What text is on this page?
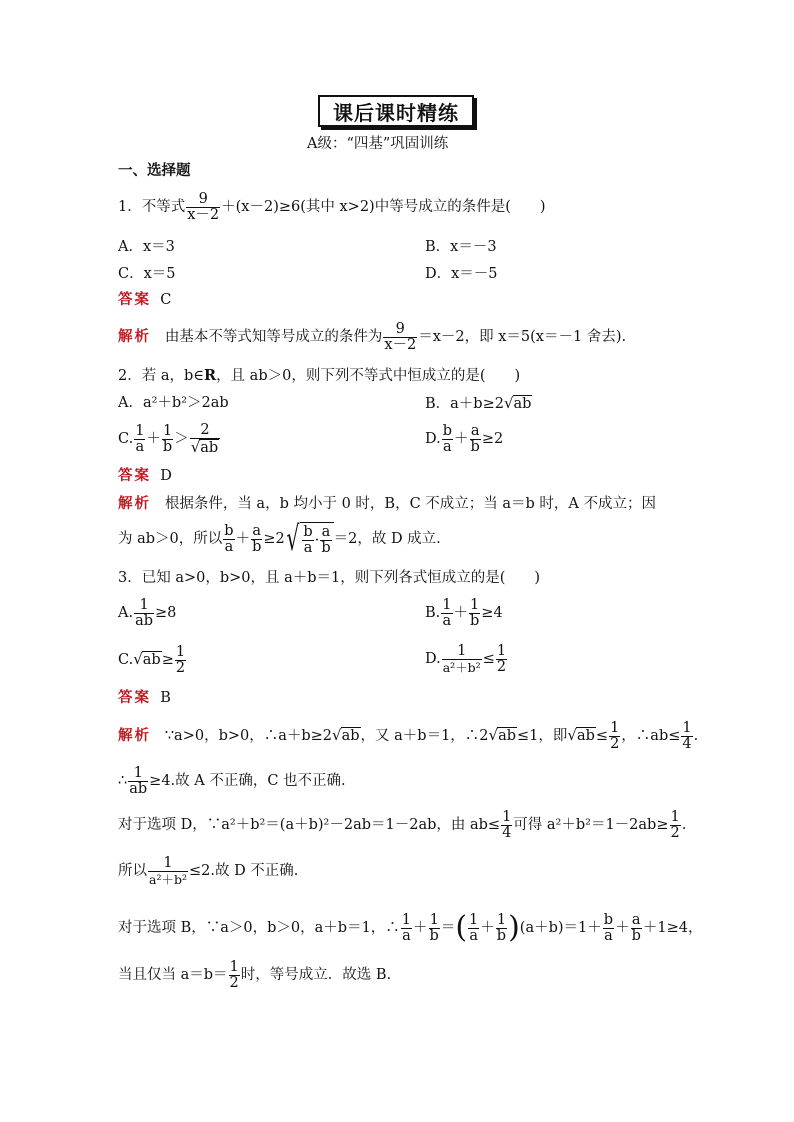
课后课时精练
A级：“四基”巩固训练
一、选择题
1．不等式 $\frac{9}{x-2} +(x-2)\ge 6$(其中 x>2)中等号成立的条件是(　　)
A．x＝3	B．x＝－3
C．x＝5	D．x＝－5
答案 C
解析 由基本不等式知等号成立的条件为 $\frac{9}{x-2} =x-2$，即 x＝5(x＝－1 舍去).
2．若 a，b∈R，且 ab＞0，则下列不等式中恒成立的是(　　)
A．a²＋b²＞2ab	B．a＋b≥2√ab
C. $\frac{1}{a} + \frac{1}{b} > \frac{2}{√ab}$	D. $\frac{b}{a} + \frac{a}{b} \ge 2$
答案 D
解析 根据条件，当 a，b 均小于 0 时，B，C 不成立；当 a＝b 时，A 不成立；因
为 ab＞0，所以 $\frac{b}{a} + \frac{a}{b} \ge 2√ \frac{b}{a} \cdot \frac{a}{b} =2$，故 D 成立.
3．已知 a>0，b>0，且 a＋b＝1，则下列各式恒成立的是(　　)
A. $\frac{1}{ab} \ge 8$	B. $\frac{1}{a} + \frac{1}{b} \ge 4$
$C.√ab\ge \frac{1}{2}$	D. $\frac{1}{\text{a²＋b²}} \le \frac{1}{2}$
答案 B
解析 ∵a>0，b>0，∴a＋b≥2√ab，又 a＋b＝1，∴2√ab≤1，即$√ab\le \frac{1}{2}$ ，∴ab≤ $\frac{1}{4}$ .
∴ $\frac{1}{ab} \ge 4$.故 A 不正确，C 也不正确.
对于选项 D，∵a²＋b²＝(a＋b)²－2ab＝1－2ab，由 $ab\le \frac{1}{4}$ 可得 $a^2+b^2=1-2ab\ge \frac{1}{2}$ .
所以 $\frac{1}{\text{a²＋b²}} \le 2$.故 D 不正确.
对于选项 B，∵a＞0，b＞0，a＋b＝1，∴ $\frac{1}{a} + \frac{1}{b}$ ＝( $\frac{1}{a} + \frac{1}{b} )(a+b)=1+ \frac{b}{a} + \frac{a}{b} +1\ge 4$，
当且仅当 $a=b= \frac{1}{2}$ 时，等号成立．故选 B.
